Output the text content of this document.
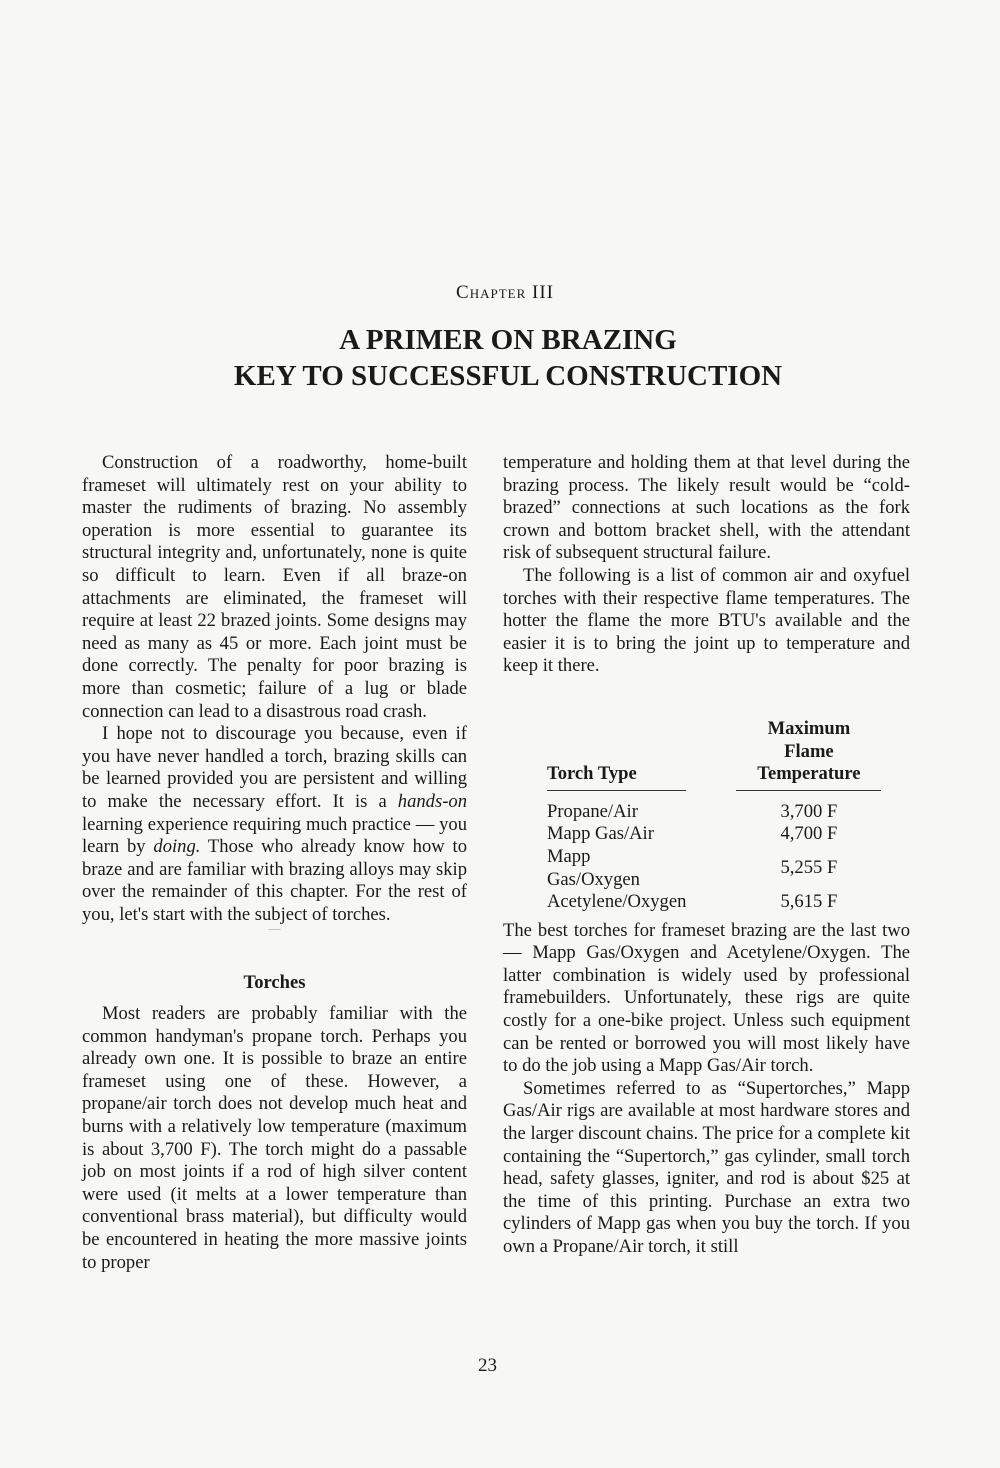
Chapter III
A PRIMER ON BRAZING
KEY TO SUCCESSFUL CONSTRUCTION

Construction of a roadworthy, home-built frameset will ultimately rest on your ability to master the rudiments of brazing. No assembly operation is more essential to guarantee its structural integrity and, unfortunately, none is quite so difficult to learn. Even if all braze-on attachments are eliminated, the frameset will require at least 22 brazed joints. Some designs may need as many as 45 or more. Each joint must be done correctly. The penalty for poor brazing is more than cosmetic; failure of a lug or blade connection can lead to a disastrous road crash.

I hope not to discourage you because, even if you have never handled a torch, brazing skills can be learned provided you are persistent and willing to make the necessary effort. It is a hands-on learning experience requiring much practice — you learn by doing. Those who already know how to braze and are familiar with brazing alloys may skip over the remainder of this chapter. For the rest of you, let's start with the subject of torches.

—
Torches

Most readers are probably familiar with the common handyman's propane torch. Perhaps you already own one. It is possible to braze an entire frameset using one of these. However, a propane/air torch does not develop much heat and burns with a relatively low temperature (maximum is about 3,700 F). The torch might do a passable job on most joints if a rod of high silver content were used (it melts at a lower temperature than conventional brass material), but difficulty would be encountered in heating the more massive joints to proper

temperature and holding them at that level during the brazing process. The likely result would be “cold-brazed” connections at such locations as the fork crown and bottom bracket shell, with the attendant risk of subsequent structural failure.

The following is a list of common air and oxyfuel torches with their respective flame temperatures. The hotter the flame the more BTU's available and the easier it is to bring the joint up to temperature and keep it there.

Torch Type		Maximum
Flame
Temperature
Propane/Air		3,700 F
Mapp Gas/Air		4,700 F
Mapp Gas/Oxygen		5,255 F
Acetylene/Oxygen		5,615 F

The best torches for frameset brazing are the last two — Mapp Gas/Oxygen and Acetylene/Oxygen. The latter combination is widely used by professional framebuilders. Unfortunately, these rigs are quite costly for a one-bike project. Unless such equipment can be rented or borrowed you will most likely have to do the job using a Mapp Gas/Air torch.

Sometimes referred to as “Supertorches,” Mapp Gas/Air rigs are available at most hardware stores and the larger discount chains. The price for a complete kit containing the “Supertorch,” gas cylinder, small torch head, safety glasses, igniter, and rod is about $25 at the time of this printing. Purchase an extra two cylinders of Mapp gas when you buy the torch. If you own a Propane/Air torch, it still

23
